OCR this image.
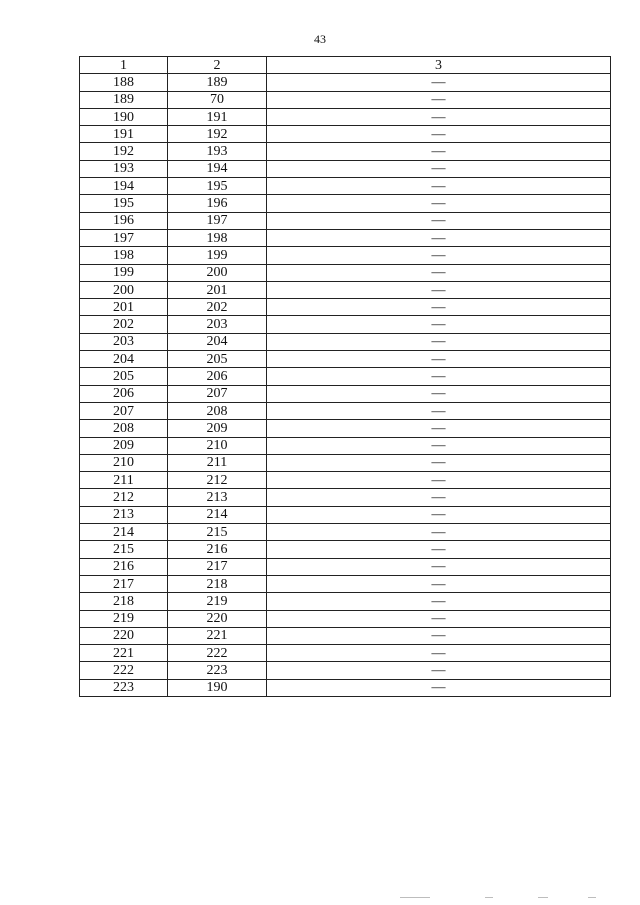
43
1	2	3
188	189	—
189	70	—
190	191	—
191	192	—
192	193	—
193	194	—
194	195	—
195	196	—
196	197	—
197	198	—
198	199	—
199	200	—
200	201	—
201	202	—
202	203	—
203	204	—
204	205	—
205	206	—
206	207	—
207	208	—
208	209	—
209	210	—
210	211	—
211	212	—
212	213	—
213	214	—
214	215	—
215	216	—
216	217	—
217	218	—
218	219	—
219	220	—
220	221	—
221	222	—
222	223	—
223	190	—
